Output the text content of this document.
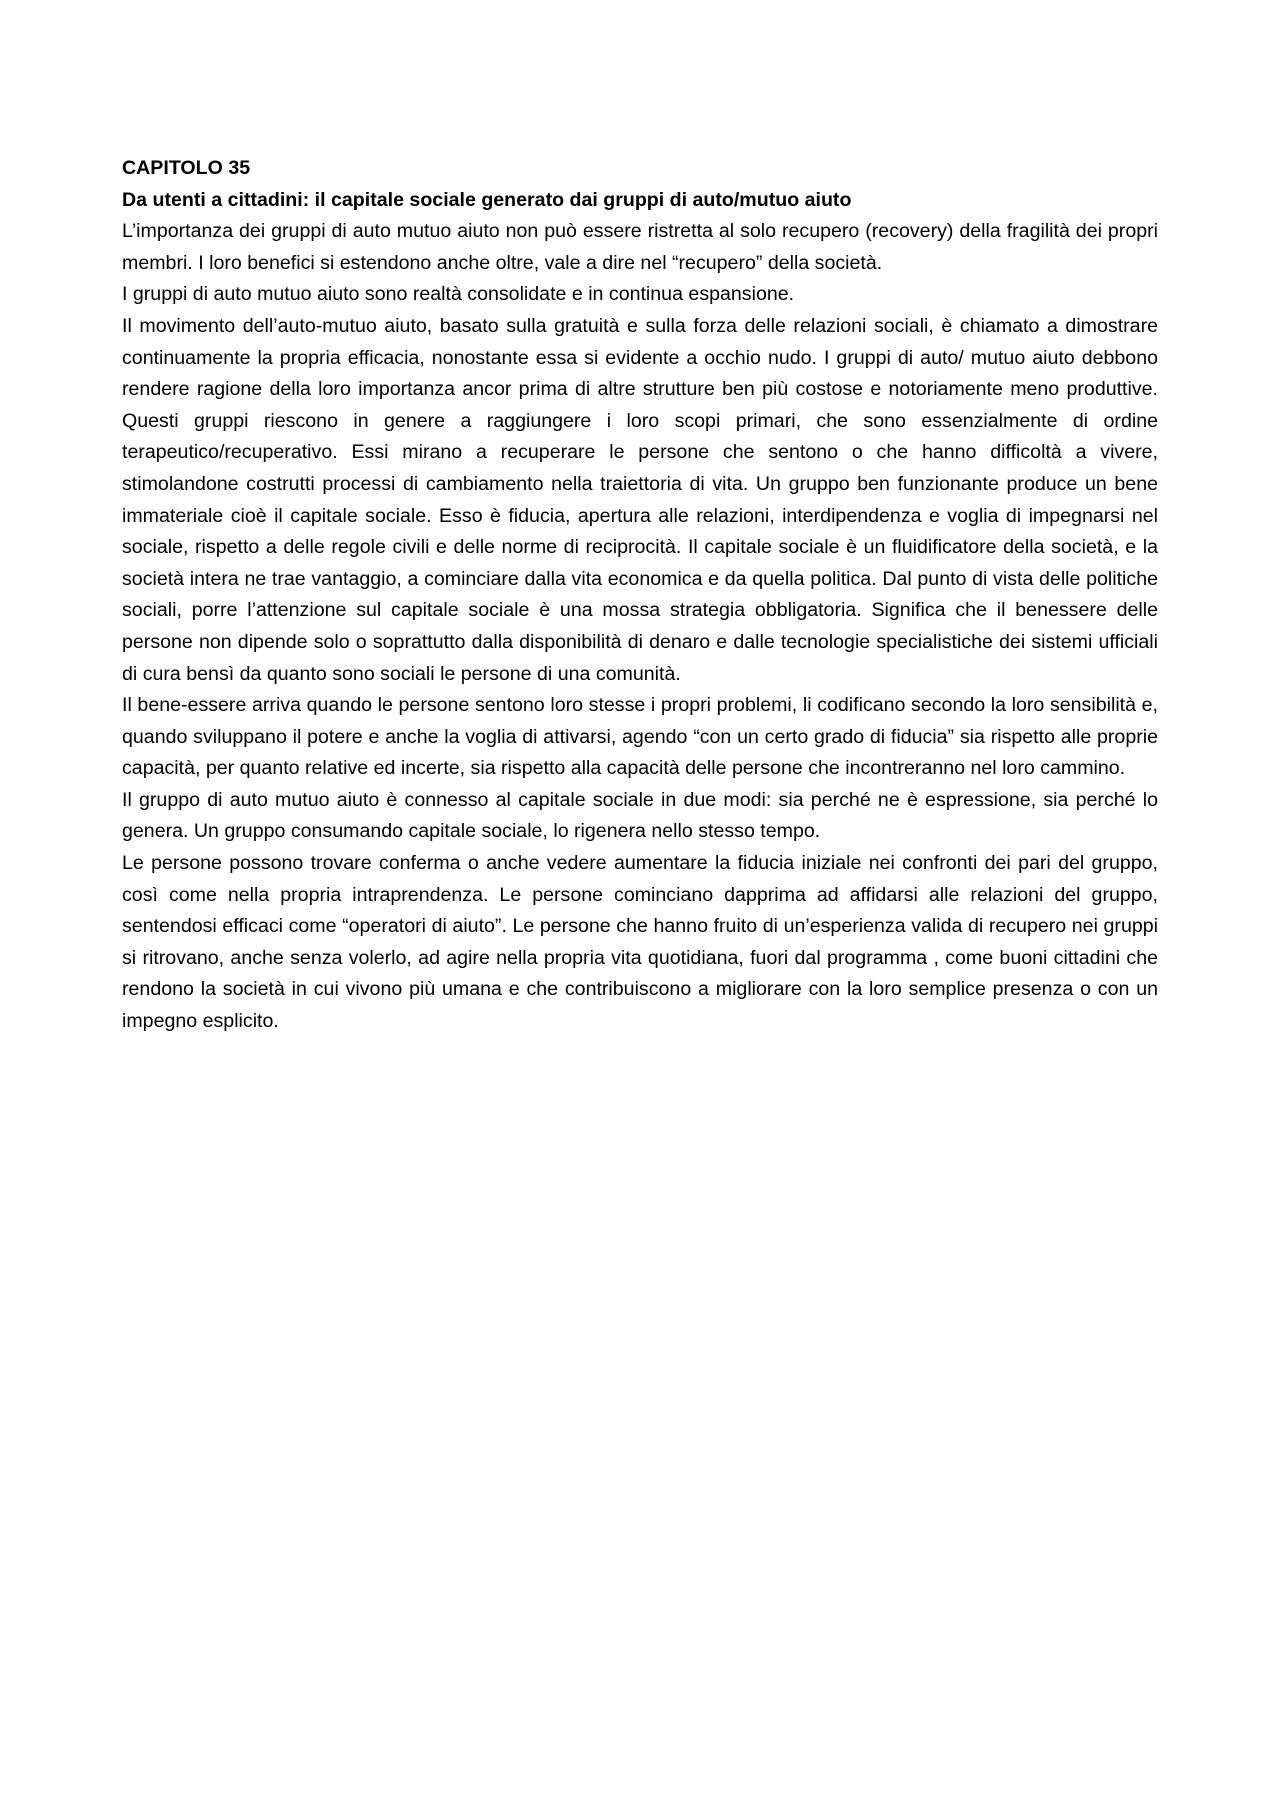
CAPITOLO 35

Da utenti a cittadini: il capitale sociale generato dai gruppi di auto/mutuo aiuto

L’importanza dei gruppi di auto mutuo aiuto non può essere ristretta al solo recupero (recovery) della fragilità dei propri membri. I loro benefici si estendono anche oltre, vale a dire nel “recupero” della società.

I gruppi di auto mutuo aiuto sono realtà consolidate e in continua espansione.

Il movimento dell’auto-mutuo aiuto, basato sulla gratuità e sulla forza delle relazioni sociali, è chiamato a dimostrare continuamente la propria efficacia, nonostante essa si evidente a occhio nudo. I gruppi di auto/ mutuo aiuto debbono rendere ragione della loro importanza ancor prima di altre strutture ben più costose e notoriamente meno produttive. Questi gruppi riescono in genere a raggiungere i loro scopi primari, che sono essenzialmente di ordine terapeutico/recuperativo. Essi mirano a recuperare le persone che sentono o che hanno difficoltà a vivere, stimolandone costrutti processi di cambiamento nella traiettoria di vita. Un gruppo ben funzionante produce un bene immateriale cioè il capitale sociale. Esso è fiducia, apertura alle relazioni, interdipendenza e voglia di impegnarsi nel sociale, rispetto a delle regole civili e delle norme di reciprocità. Il capitale sociale è un fluidificatore della società, e la società intera ne trae vantaggio, a cominciare dalla vita economica e da quella politica. Dal punto di vista delle politiche sociali, porre l’attenzione sul capitale sociale è una mossa strategia obbligatoria. Significa che il benessere delle persone non dipende solo o soprattutto dalla disponibilità di denaro e dalle tecnologie specialistiche dei sistemi ufficiali di cura bensì da quanto sono sociali le persone di una comunità.

Il bene-essere arriva quando le persone sentono loro stesse i propri problemi, li codificano secondo la loro sensibilità e, quando sviluppano il potere e anche la voglia di attivarsi, agendo “con un certo grado di fiducia” sia rispetto alle proprie capacità, per quanto relative ed incerte, sia rispetto alla capacità delle persone che incontreranno nel loro cammino.

Il gruppo di auto mutuo aiuto è connesso al capitale sociale in due modi: sia perché ne è espressione, sia perché lo genera. Un gruppo consumando capitale sociale, lo rigenera nello stesso tempo.

Le persone possono trovare conferma o anche vedere aumentare la fiducia iniziale nei confronti dei pari del gruppo, così come nella propria intraprendenza. Le persone cominciano dapprima ad affidarsi alle relazioni del gruppo, sentendosi efficaci come “operatori di aiuto”. Le persone che hanno fruito di un’esperienza valida di recupero nei gruppi si ritrovano, anche senza volerlo, ad agire nella propria vita quotidiana, fuori dal programma , come buoni cittadini che rendono la società in cui vivono più umana e che contribuiscono a migliorare con la loro semplice presenza o con un impegno esplicito.
